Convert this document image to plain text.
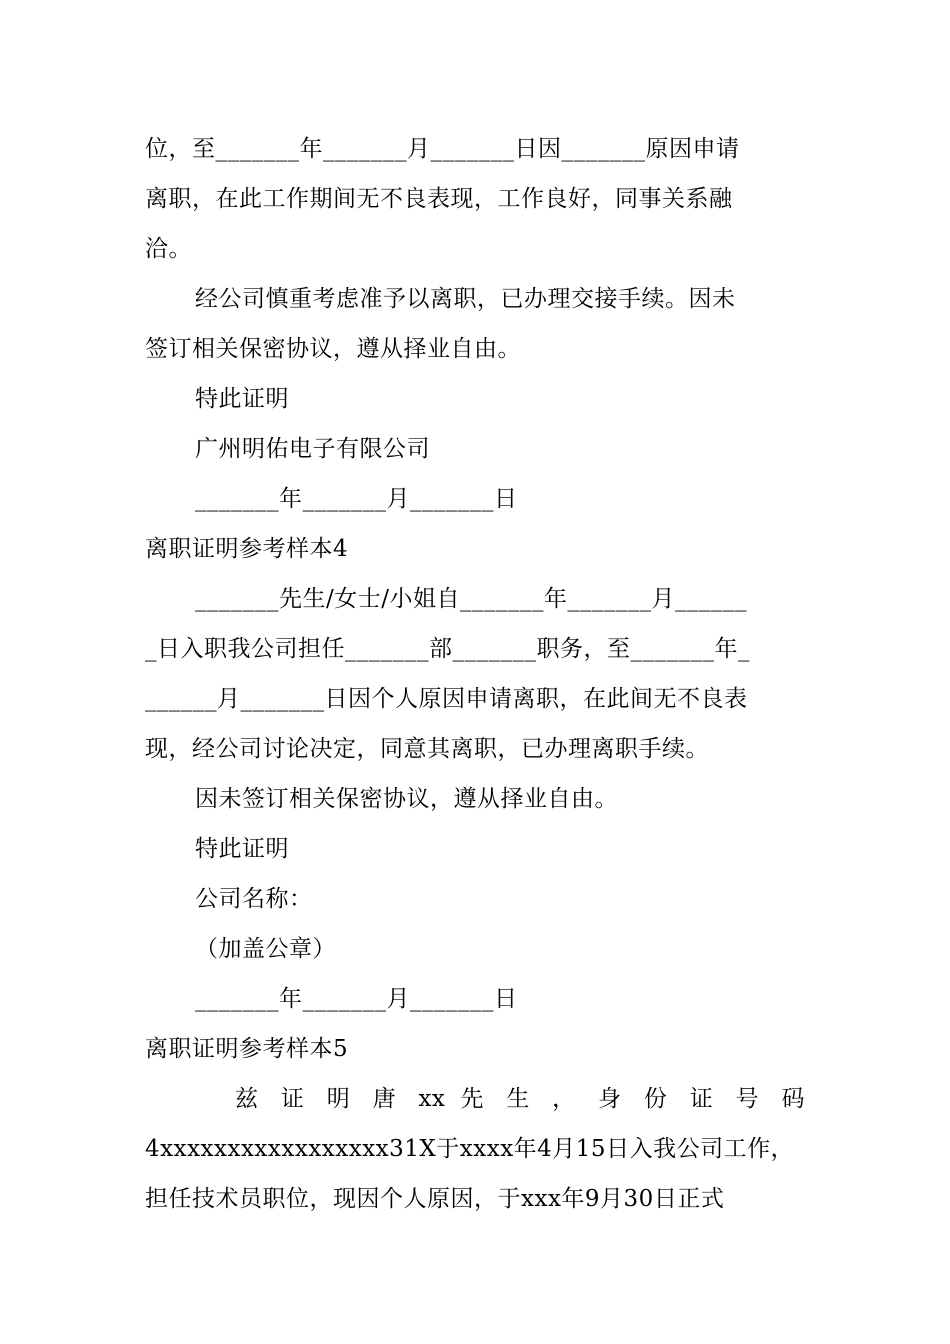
位，至_______年_______月_______日因_______原因申请
离职，在此工作期间无不良表现，工作良好，同事关系融
洽。
经公司慎重考虑准予以离职，已办理交接手续。因未
签订相关保密协议，遵从择业自由。
特此证明
广州明佑电子有限公司
_______年_______月_______日
离职证明参考样本4
_______先生/女士/小姐自_______年_______月______
_日入职我公司担任_______部_______职务，至_______年_
______月_______日因个人原因申请离职，在此间无不良表
现，经公司讨论决定，同意其离职，已办理离职手续。
因未签订相关保密协议，遵从择业自由。
特此证明
公司名称：
（加盖公章）
_______年_______月_______日
离职证明参考样本5
兹 证 明 唐 xx 先 生 ， 身 份 证 号 码
4xxxxxxxxxxxxxxxxx31X于xxxx年4月15日入我公司工作，
担任技术员职位，现因个人原因，于xxx年9月30日正式
